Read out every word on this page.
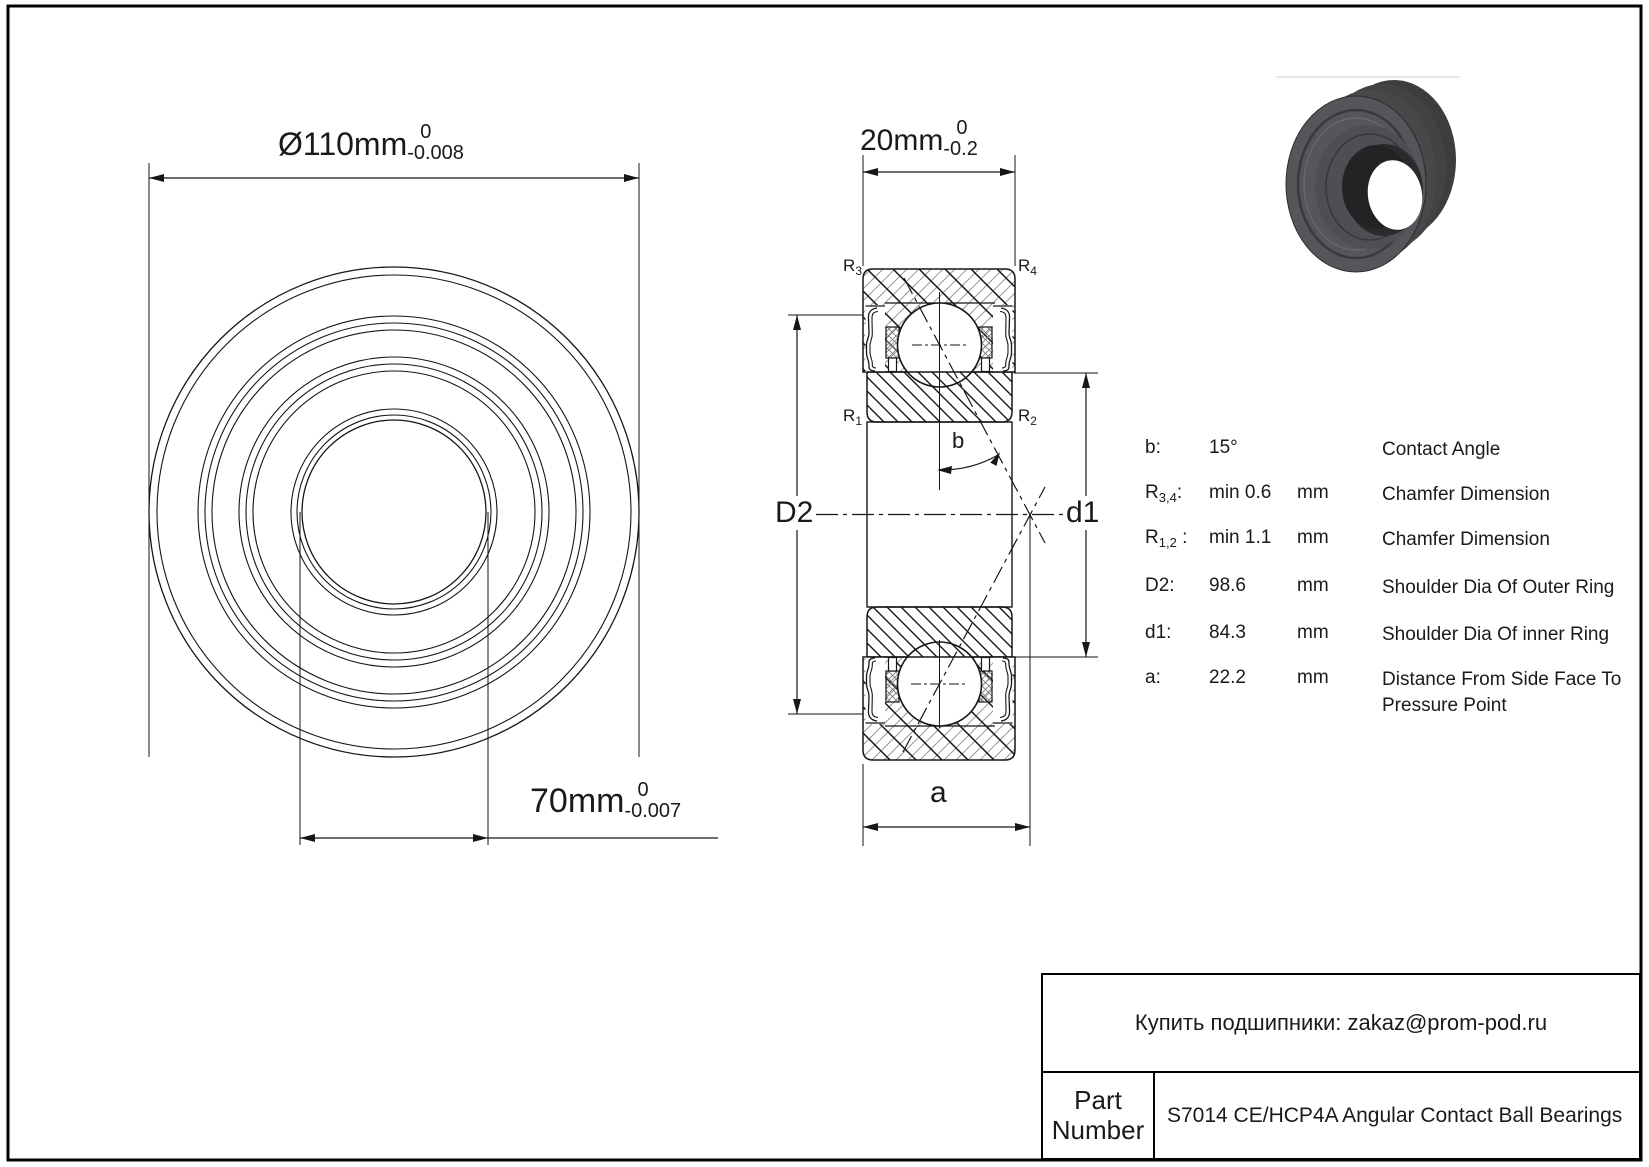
Ø110mm 0
-0.008
70mm 0
-0.007
20mm 0
-0.2
$R_3$	$R_4$
$R_1$	$R_2$
D2	d1
b
a
b:	15°	Contact Angle
$R_{3,4}$: min 0.6 mm	Chamfer Dimension
$R_{1,2}$ : min 1.1 mm	Chamfer Dimension
D2: 98.6	mm	Shoulder Dia Of Outer Ring
d1: 84.3	mm	Shoulder Dia Of inner Ring
a:	22.2	mm	Distance From Side Face To
Pressure Point
Купить подшипники: zakaz@prom-pod.ru
Part Number	S7014 CE/HCP4A Angular Contact Ball Bearings
